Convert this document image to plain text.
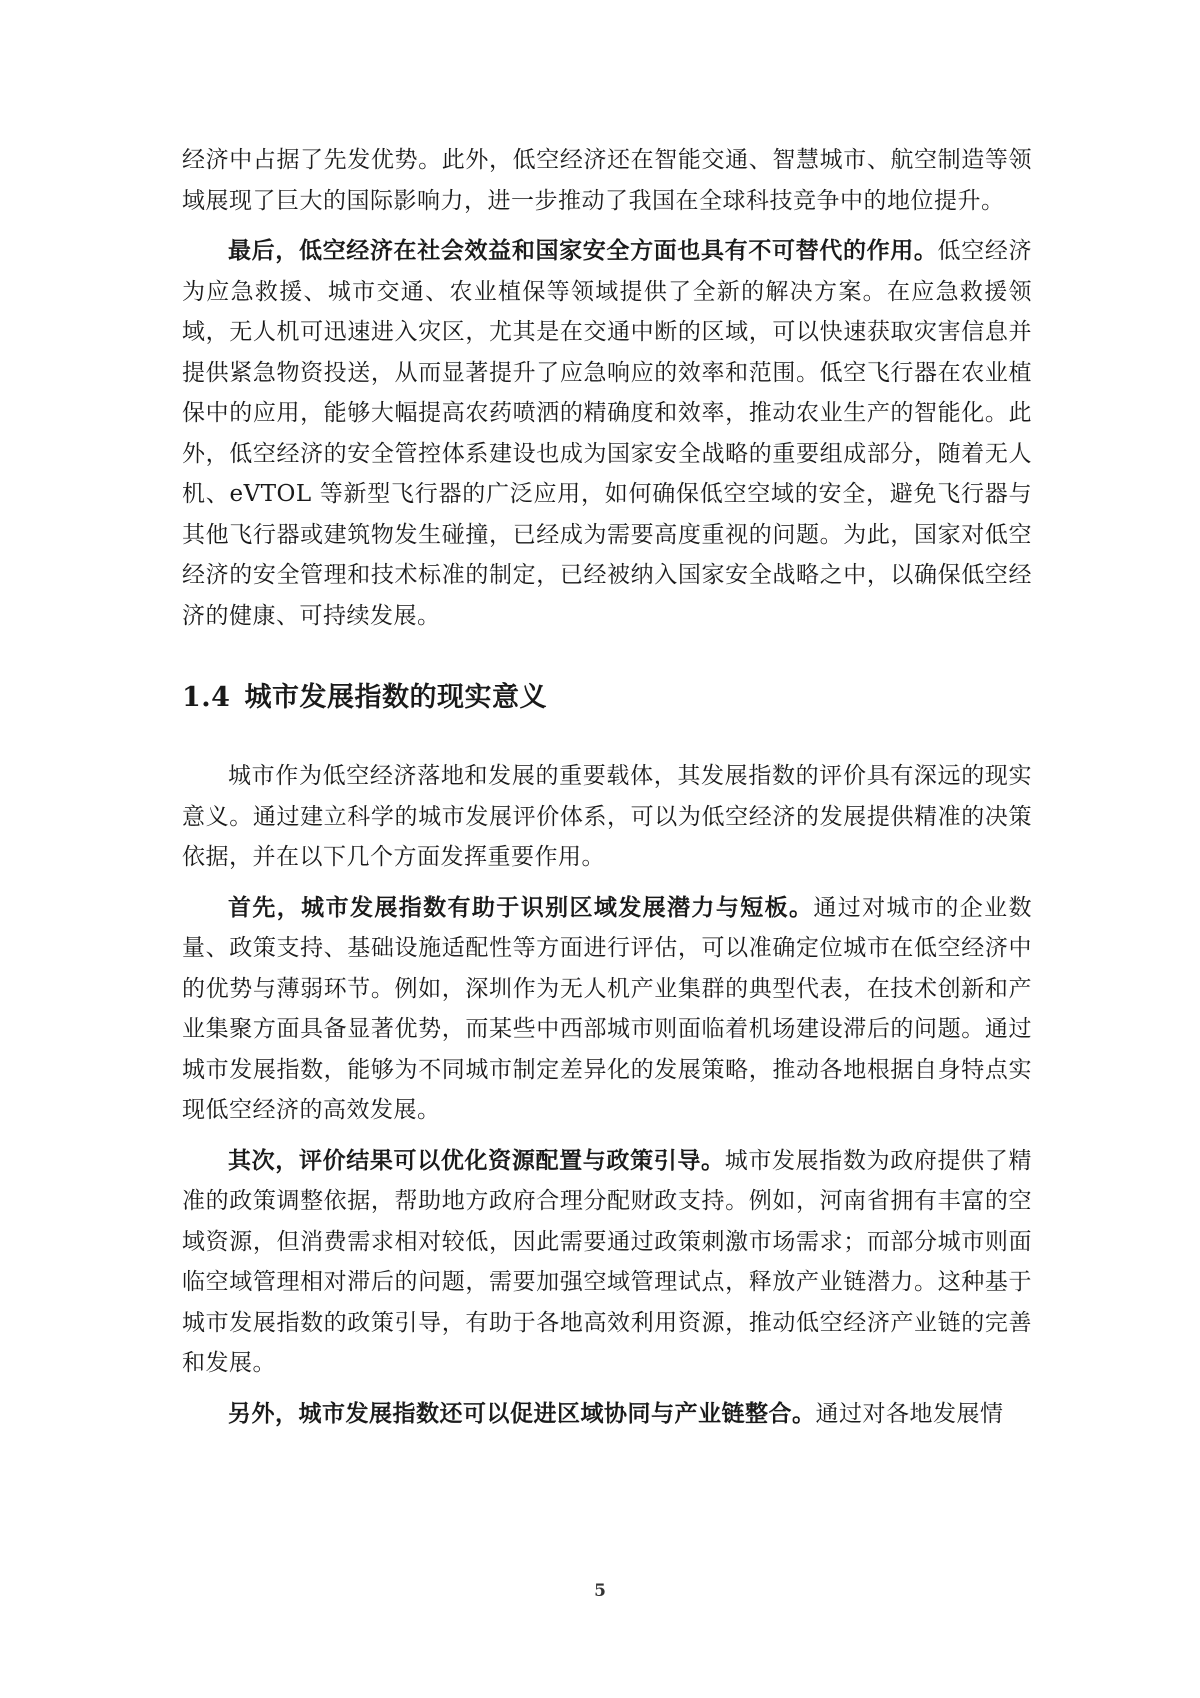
经济中占据了先发优势。此外，低空经济还在智能交通、智慧城市、航空制造等领域展现了巨大的国际影响力，进一步推动了我国在全球科技竞争中的地位提升。

最后，低空经济在社会效益和国家安全方面也具有不可替代的作用。低空经济为应急救援、城市交通、农业植保等领域提供了全新的解决方案。在应急救援领域，无人机可迅速进入灾区，尤其是在交通中断的区域，可以快速获取灾害信息并提供紧急物资投送，从而显著提升了应急响应的效率和范围。低空飞行器在农业植保中的应用，能够大幅提高农药喷洒的精确度和效率，推动农业生产的智能化。此外，低空经济的安全管控体系建设也成为国家安全战略的重要组成部分，随着无人机、eVTOL 等新型飞行器的广泛应用，如何确保低空空域的安全，避免飞行器与其他飞行器或建筑物发生碰撞，已经成为需要高度重视的问题。为此，国家对低空经济的安全管理和技术标准的制定，已经被纳入国家安全战略之中，以确保低空经济的健康、可持续发展。

1.4 城市发展指数的现实意义

城市作为低空经济落地和发展的重要载体，其发展指数的评价具有深远的现实意义。通过建立科学的城市发展评价体系，可以为低空经济的发展提供精准的决策依据，并在以下几个方面发挥重要作用。

首先，城市发展指数有助于识别区域发展潜力与短板。通过对城市的企业数量、政策支持、基础设施适配性等方面进行评估，可以准确定位城市在低空经济中的优势与薄弱环节。例如，深圳作为无人机产业集群的典型代表，在技术创新和产业集聚方面具备显著优势，而某些中西部城市则面临着机场建设滞后的问题。通过城市发展指数，能够为不同城市制定差异化的发展策略，推动各地根据自身特点实现低空经济的高效发展。

其次，评价结果可以优化资源配置与政策引导。城市发展指数为政府提供了精准的政策调整依据，帮助地方政府合理分配财政支持。例如，河南省拥有丰富的空域资源，但消费需求相对较低，因此需要通过政策刺激市场需求；而部分城市则面临空域管理相对滞后的问题，需要加强空域管理试点，释放产业链潜力。这种基于城市发展指数的政策引导，有助于各地高效利用资源，推动低空经济产业链的完善和发展。

另外，城市发展指数还可以促进区域协同与产业链整合。通过对各地发展情

5
